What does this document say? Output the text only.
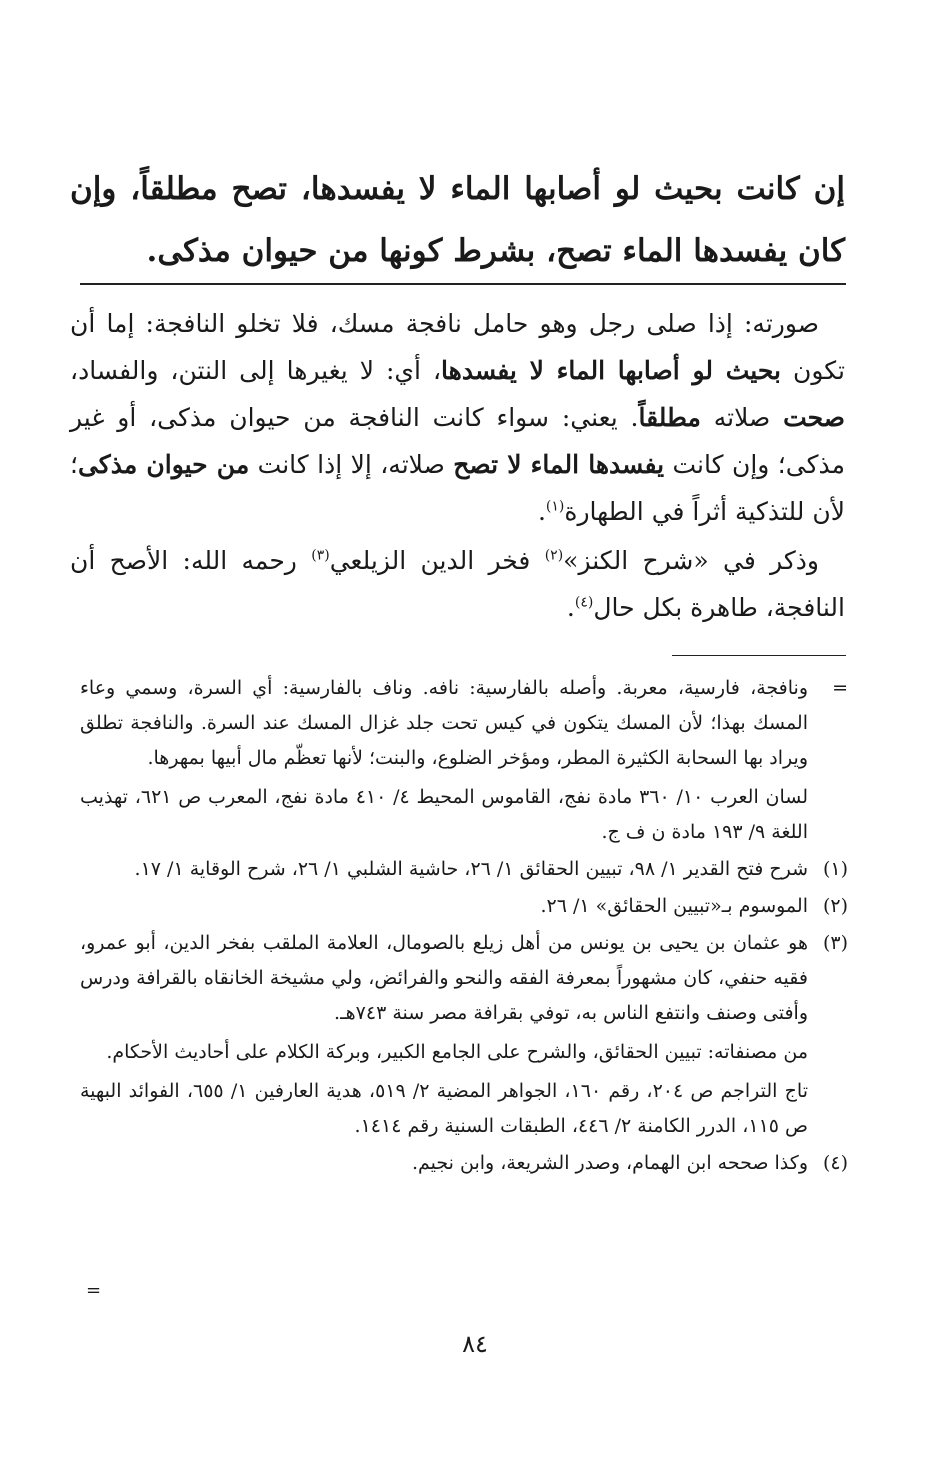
إن كانت بحيث لو أصابها الماء لا يفسدها، تصح مطلقاً، وإن كان يفسدها الماء تصح، بشرط كونها من حيوان مذكى.

صورته: إذا صلى رجل وهو حامل نافجة مسك، فلا تخلو النافجة: إما أن تكون بحيث لو أصابها الماء لا يفسدها، أي: لا يغيرها إلى النتن، والفساد، صحت صلاته مطلقاً. يعني: سواء كانت النافجة من حيوان مذكى، أو غير مذكى؛ وإن كانت يفسدها الماء لا تصح صلاته، إلا إذا كانت من حيوان مذكى؛ لأن للتذكية أثراً في الطهارة$^{(١)}$.

وذكر في «شرح الكنز»$^{(٢)}$ فخر الدين الزيلعي$^{(٣)}$ رحمه الله: الأصح أن النافجة، طاهرة بكل حال$^{(٤)}$.

=

ونافجة، فارسية، معربة. وأصله بالفارسية: نافه. وناف بالفارسية: أي السرة، وسمي وعاء المسك بهذا؛ لأن المسك يتكون في كيس تحت جلد غزال المسك عند السرة. والنافجة تطلق ويراد بها السحابة الكثيرة المطر، ومؤخر الضلوع، والبنت؛ لأنها تعظّم مال أبيها بمهرها.

لسان العرب ١٠/ ٣٦٠ مادة نفج، القاموس المحيط ٤/ ٤١٠ مادة نفج، المعرب ص ٦٢١، تهذيب اللغة ٩/ ١٩٣ مادة ن ف ج.

(١)

شرح فتح القدير ١/ ٩٨، تبيين الحقائق ١/ ٢٦، حاشية الشلبي ١/ ٢٦، شرح الوقاية ١/ ١٧.

(٢)

الموسوم بـ«تبيين الحقائق» ١/ ٢٦.

(٣)

هو عثمان بن يحيى بن يونس من أهل زيلع بالصومال، العلامة الملقب بفخر الدين، أبو عمرو، فقيه حنفي، كان مشهوراً بمعرفة الفقه والنحو والفرائض، ولي مشيخة الخانقاه بالقرافة ودرس وأفتى وصنف وانتفع الناس به، توفي بقرافة مصر سنة ٧٤٣هـ.

من مصنفاته: تبيين الحقائق، والشرح على الجامع الكبير، وبركة الكلام على أحاديث الأحكام.

تاج التراجم ص ٢٠٤، رقم ١٦٠، الجواهر المضية ٢/ ٥١٩، هدية العارفين ١/ ٦٥٥، الفوائد البهية ص ١١٥، الدرر الكامنة ٢/ ٤٤٦، الطبقات السنية رقم ١٤١٤.

(٤)

وكذا صححه ابن الهمام، وصدر الشريعة، وابن نجيم.

=
٨٤
